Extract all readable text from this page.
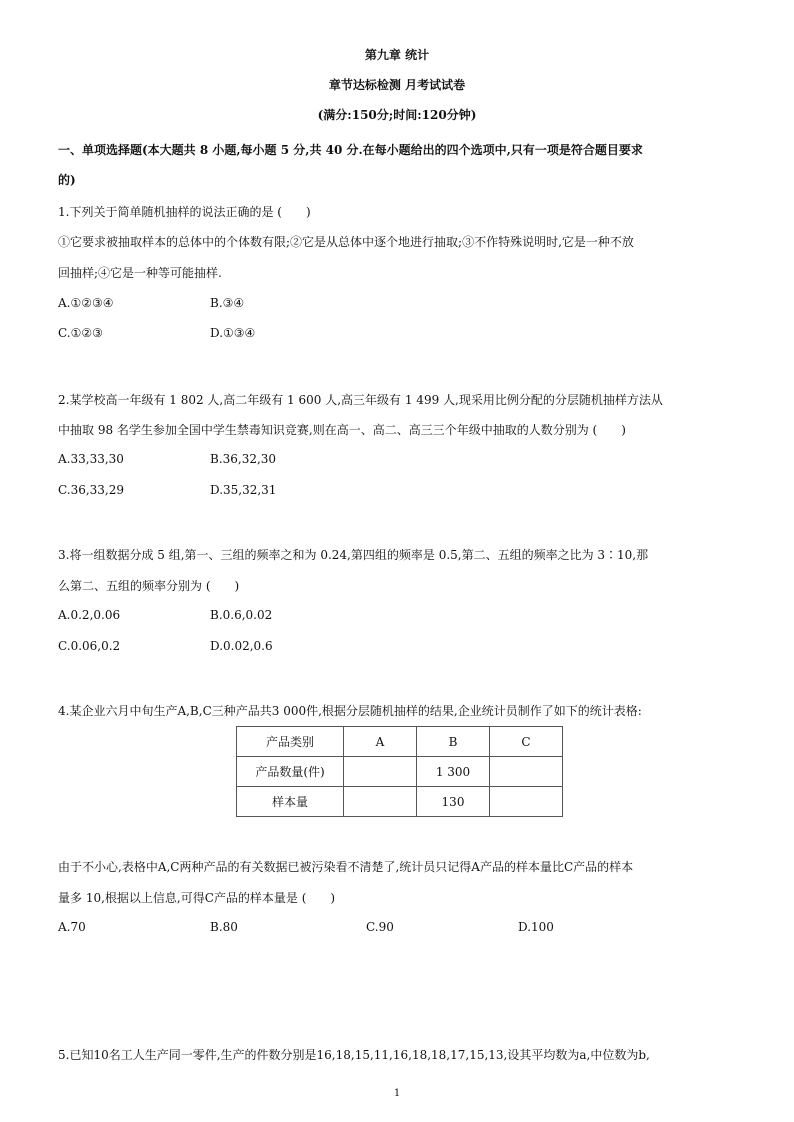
第九章 统计
章节达标检测 月考试试卷
(满分:150分;时间:120分钟)
一、单项选择题(本大题共 8 小题,每小题 5 分,共 40 分.在每小题给出的四个选项中,只有一项是符合题目要求
的)
1.下列关于简单随机抽样的说法正确的是 (　　)
①它要求被抽取样本的总体中的个体数有限;②它是从总体中逐个地进行抽取;③不作特殊说明时,它是一种不放
回抽样;④它是一种等可能抽样.
A.①②③④	B.③④
C.①②③	D.①③④
2.某学校高一年级有 1 802 人,高二年级有 1 600 人,高三年级有 1 499 人,现采用比例分配的分层随机抽样方法从
中抽取 98 名学生参加全国中学生禁毒知识竞赛,则在高一、高二、高三三个年级中抽取的人数分别为 (　　)
A.33,33,30	B.36,32,30
C.36,33,29	D.35,32,31
3.将一组数据分成 5 组,第一、三组的频率之和为 0.24,第四组的频率是 0.5,第二、五组的频率之比为 3∶10,那
么第二、五组的频率分别为 (　　)
A.0.2,0.06	B.0.6,0.02
C.0.06,0.2	D.0.02,0.6
4.某企业六月中旬生产A,B,C三种产品共3 000件,根据分层随机抽样的结果,企业统计员制作了如下的统计表格:
产品类别	A	B	C
产品数量(件)		1 300	
样本量		130	
由于不小心,表格中A,C两种产品的有关数据已被污染看不清楚了,统计员只记得A产品的样本量比C产品的样本
量多 10,根据以上信息,可得C产品的样本量是 (　　)
A.70	B.80	C.90	D.100
5.已知10名工人生产同一零件,生产的件数分别是16,18,15,11,16,18,18,17,15,13,设其平均数为a,中位数为b,
1
